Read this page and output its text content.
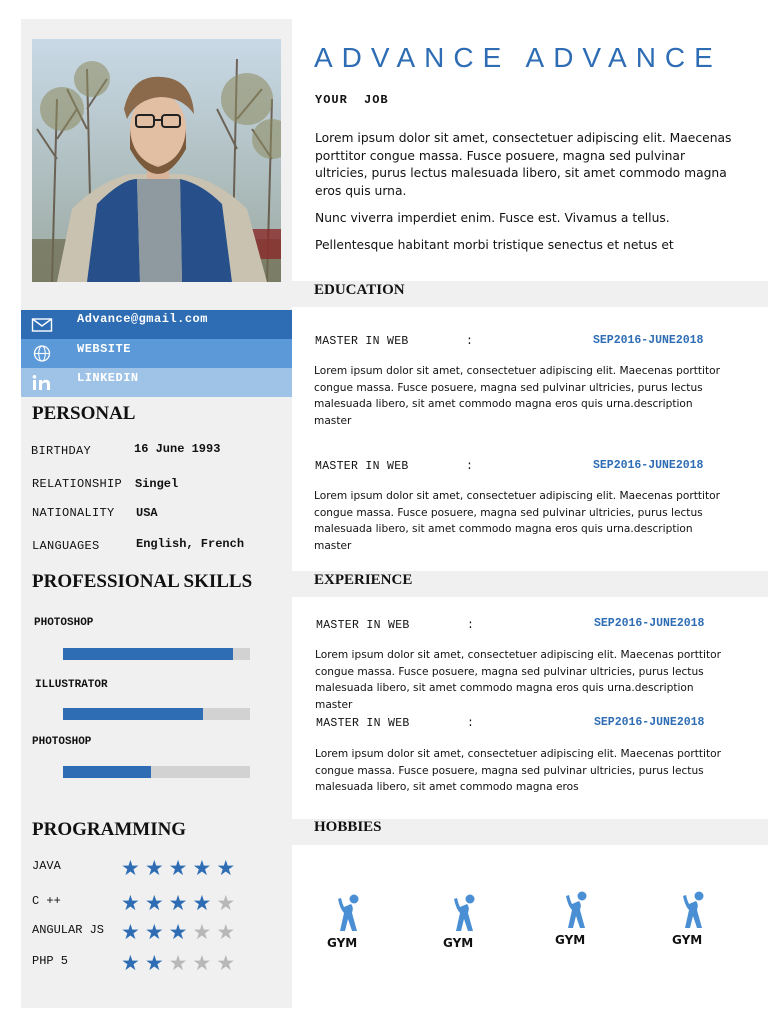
Advance@gmail.com
WEBSITE
LINKEDIN
PERSONAL
BIRTHDAY	16 June 1993
RELATIONSHIP Singel
NATIONALITY USA
LANGUAGES	English, French
PROFESSIONAL SKILLS
PHOTOSHOP
ILLUSTRATOR
PHOTOSHOP
PROGRAMMING
JAVA	★★★★★
C ++	★★★★★
ANGULAR JS ★★★★★
PHP 5	★★★★★
ADVANCE ADVANCE
YOUR JOB
Lorem ipsum dolor sit amet, consectetuer adipiscing elit. Maecenas porttitor congue massa. Fusce posuere, magna sed pulvinar ultricies, purus lectus malesuada libero, sit amet commodo magna eros quis urna.
Nunc viverra imperdiet enim. Fusce est. Vivamus a tellus.
Pellentesque habitant morbi tristique senectus et netus et
EDUCATION
MASTER IN WEB	:	SEP2016-JUNE2018
Lorem ipsum dolor sit amet, consectetuer adipiscing elit. Maecenas porttitor congue massa. Fusce posuere, magna sed pulvinar ultricies, purus lectus malesuada libero, sit amet commodo magna eros quis urna.description master
MASTER IN WEB	:	SEP2016-JUNE2018
Lorem ipsum dolor sit amet, consectetuer adipiscing elit. Maecenas porttitor congue massa. Fusce posuere, magna sed pulvinar ultricies, purus lectus malesuada libero, sit amet commodo magna eros quis urna.description master
EXPERIENCE
MASTER IN WEB	:	SEP2016-JUNE2018
Lorem ipsum dolor sit amet, consectetuer adipiscing elit. Maecenas porttitor congue massa. Fusce posuere, magna sed pulvinar ultricies, purus lectus malesuada libero, sit amet commodo magna eros quis urna.description master
MASTER IN WEB	:	SEP2016-JUNE2018
Lorem ipsum dolor sit amet, consectetuer adipiscing elit. Maecenas porttitor congue massa. Fusce posuere, magna sed pulvinar ultricies, purus lectus malesuada libero, sit amet commodo magna eros
HOBBIES
GYM	GYM	GYM	GYM
